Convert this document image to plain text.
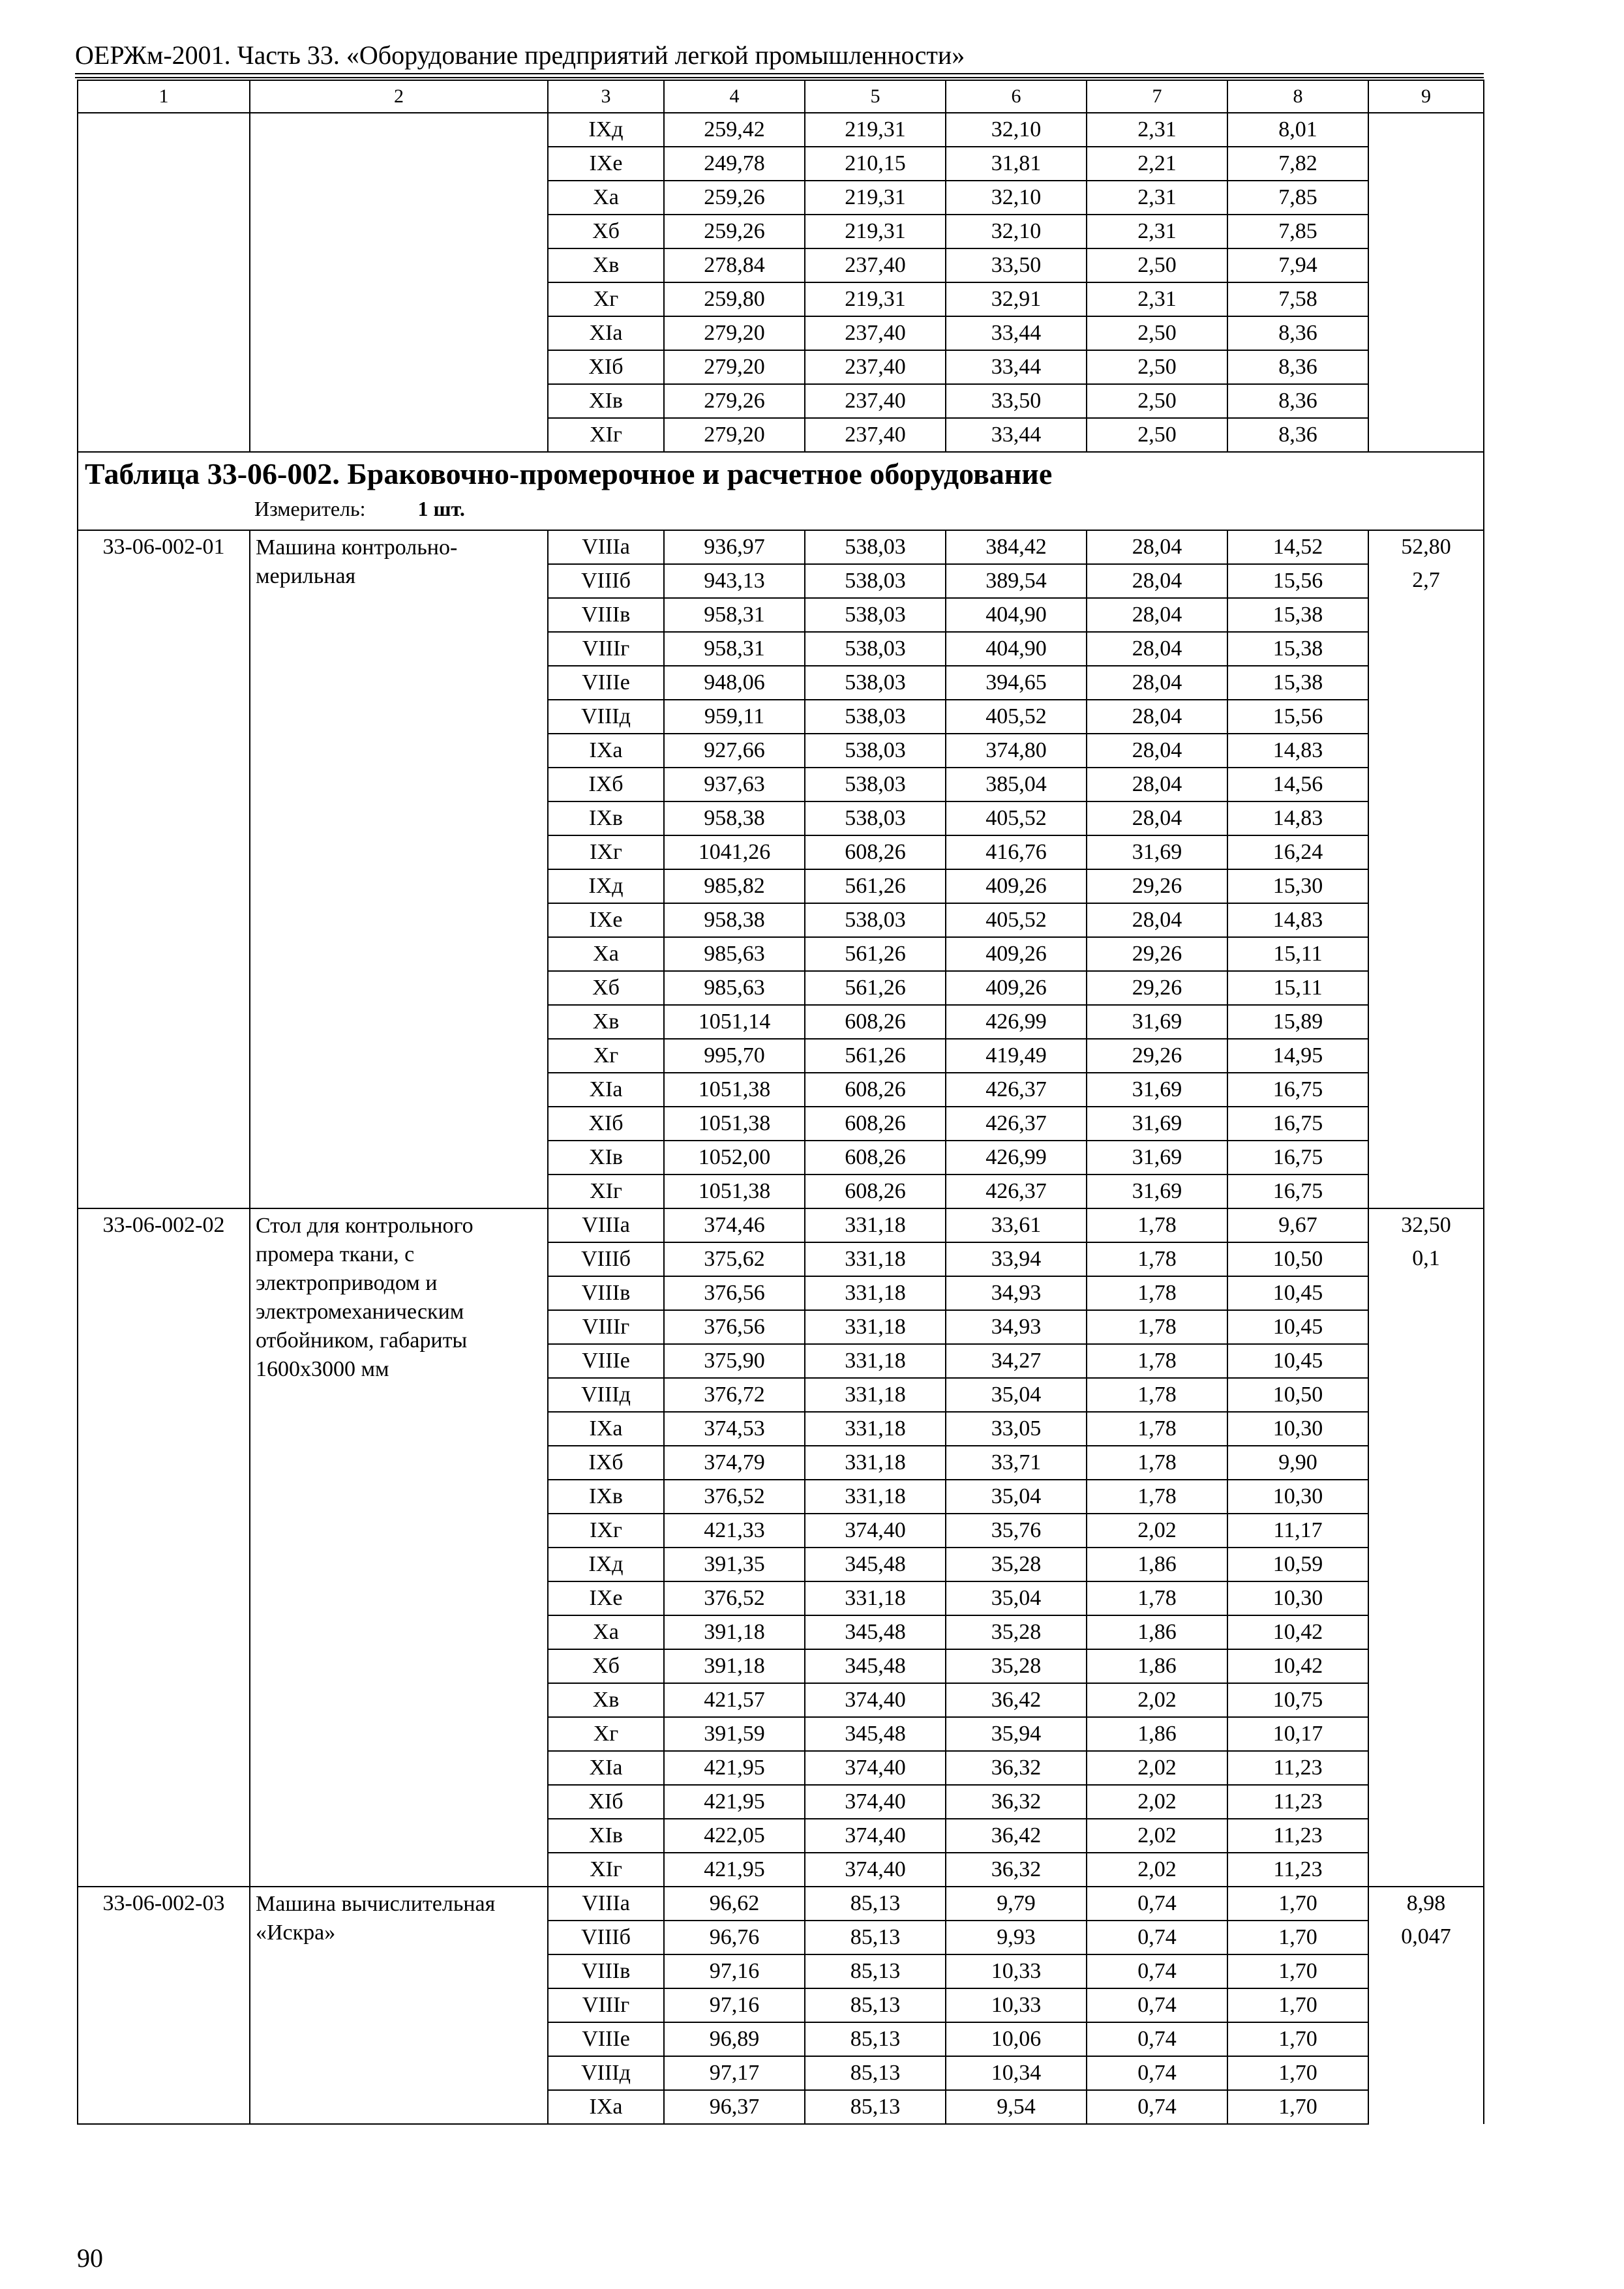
ОЕРЖм-2001. Часть 33. «Оборудование предприятий легкой промышленности»
1	2	3	4	5	6	7	8	9
		IXд	259,42	219,31	32,10	2,31	8,01	
		IXе	249,78	210,15	31,81	2,21	7,82	
		Xа	259,26	219,31	32,10	2,31	7,85	
		Xб	259,26	219,31	32,10	2,31	7,85	
		Xв	278,84	237,40	33,50	2,50	7,94	
		Xг	259,80	219,31	32,91	2,31	7,58	
		XIа	279,20	237,40	33,44	2,50	8,36	
		XIб	279,20	237,40	33,44	2,50	8,36	
		XIв	279,26	237,40	33,50	2,50	8,36	
		XIг	279,20	237,40	33,44	2,50	8,36	

Таблица 33-06-002. Браковочно-промерочное и расчетное оборудование
Измеритель: 1 шт.								

33-06-002-01	Машина контрольно-мерильная	VIIIа	936,97	538,03	384,42	28,04	14,52	52,80
		VIIIб	943,13	538,03	389,54	28,04	15,56	2,7
		VIIIв	958,31	538,03	404,90	28,04	15,38	
		VIIIг	958,31	538,03	404,90	28,04	15,38	
		VIIIе	948,06	538,03	394,65	28,04	15,38	
		VIIIд	959,11	538,03	405,52	28,04	15,56	
		IXа	927,66	538,03	374,80	28,04	14,83	
		IXб	937,63	538,03	385,04	28,04	14,56	
		IXв	958,38	538,03	405,52	28,04	14,83	
		IXг	1041,26	608,26	416,76	31,69	16,24	
		IXд	985,82	561,26	409,26	29,26	15,30	
		IXе	958,38	538,03	405,52	28,04	14,83	
		Xа	985,63	561,26	409,26	29,26	15,11	
		Xб	985,63	561,26	409,26	29,26	15,11	
		Xв	1051,14	608,26	426,99	31,69	15,89	
		Xг	995,70	561,26	419,49	29,26	14,95	
		XIа	1051,38	608,26	426,37	31,69	16,75	
		XIб	1051,38	608,26	426,37	31,69	16,75	
		XIв	1052,00	608,26	426,99	31,69	16,75	
		XIг	1051,38	608,26	426,37	31,69	16,75	
33-06-002-02	Стол для контрольного промера ткани, с электроприводом и электромеханическим отбойником, габариты 1600х3000 мм	VIIIа	374,46	331,18	33,61	1,78	9,67	32,50
		VIIIб	375,62	331,18	33,94	1,78	10,50	0,1
		VIIIв	376,56	331,18	34,93	1,78	10,45	
		VIIIг	376,56	331,18	34,93	1,78	10,45	
		VIIIе	375,90	331,18	34,27	1,78	10,45	
		VIIIд	376,72	331,18	35,04	1,78	10,50	
		IXа	374,53	331,18	33,05	1,78	10,30	
		IXб	374,79	331,18	33,71	1,78	9,90	
		IXв	376,52	331,18	35,04	1,78	10,30	
		IXг	421,33	374,40	35,76	2,02	11,17	
		IXд	391,35	345,48	35,28	1,86	10,59	
		IXе	376,52	331,18	35,04	1,78	10,30	
		Xа	391,18	345,48	35,28	1,86	10,42	
		Xб	391,18	345,48	35,28	1,86	10,42	
		Xв	421,57	374,40	36,42	2,02	10,75	
		Xг	391,59	345,48	35,94	1,86	10,17	
		XIа	421,95	374,40	36,32	2,02	11,23	
		XIб	421,95	374,40	36,32	2,02	11,23	
		XIв	422,05	374,40	36,42	2,02	11,23	
		XIг	421,95	374,40	36,32	2,02	11,23	
33-06-002-03	Машина вычислительная «Искра»	VIIIа	96,62	85,13	9,79	0,74	1,70	8,98
		VIIIб	96,76	85,13	9,93	0,74	1,70	0,047
		VIIIв	97,16	85,13	10,33	0,74	1,70	
		VIIIг	97,16	85,13	10,33	0,74	1,70	
		VIIIе	96,89	85,13	10,06	0,74	1,70	
		VIIIд	97,17	85,13	10,34	0,74	1,70	
		IXа	96,37	85,13	9,54	0,74	1,70	
90
